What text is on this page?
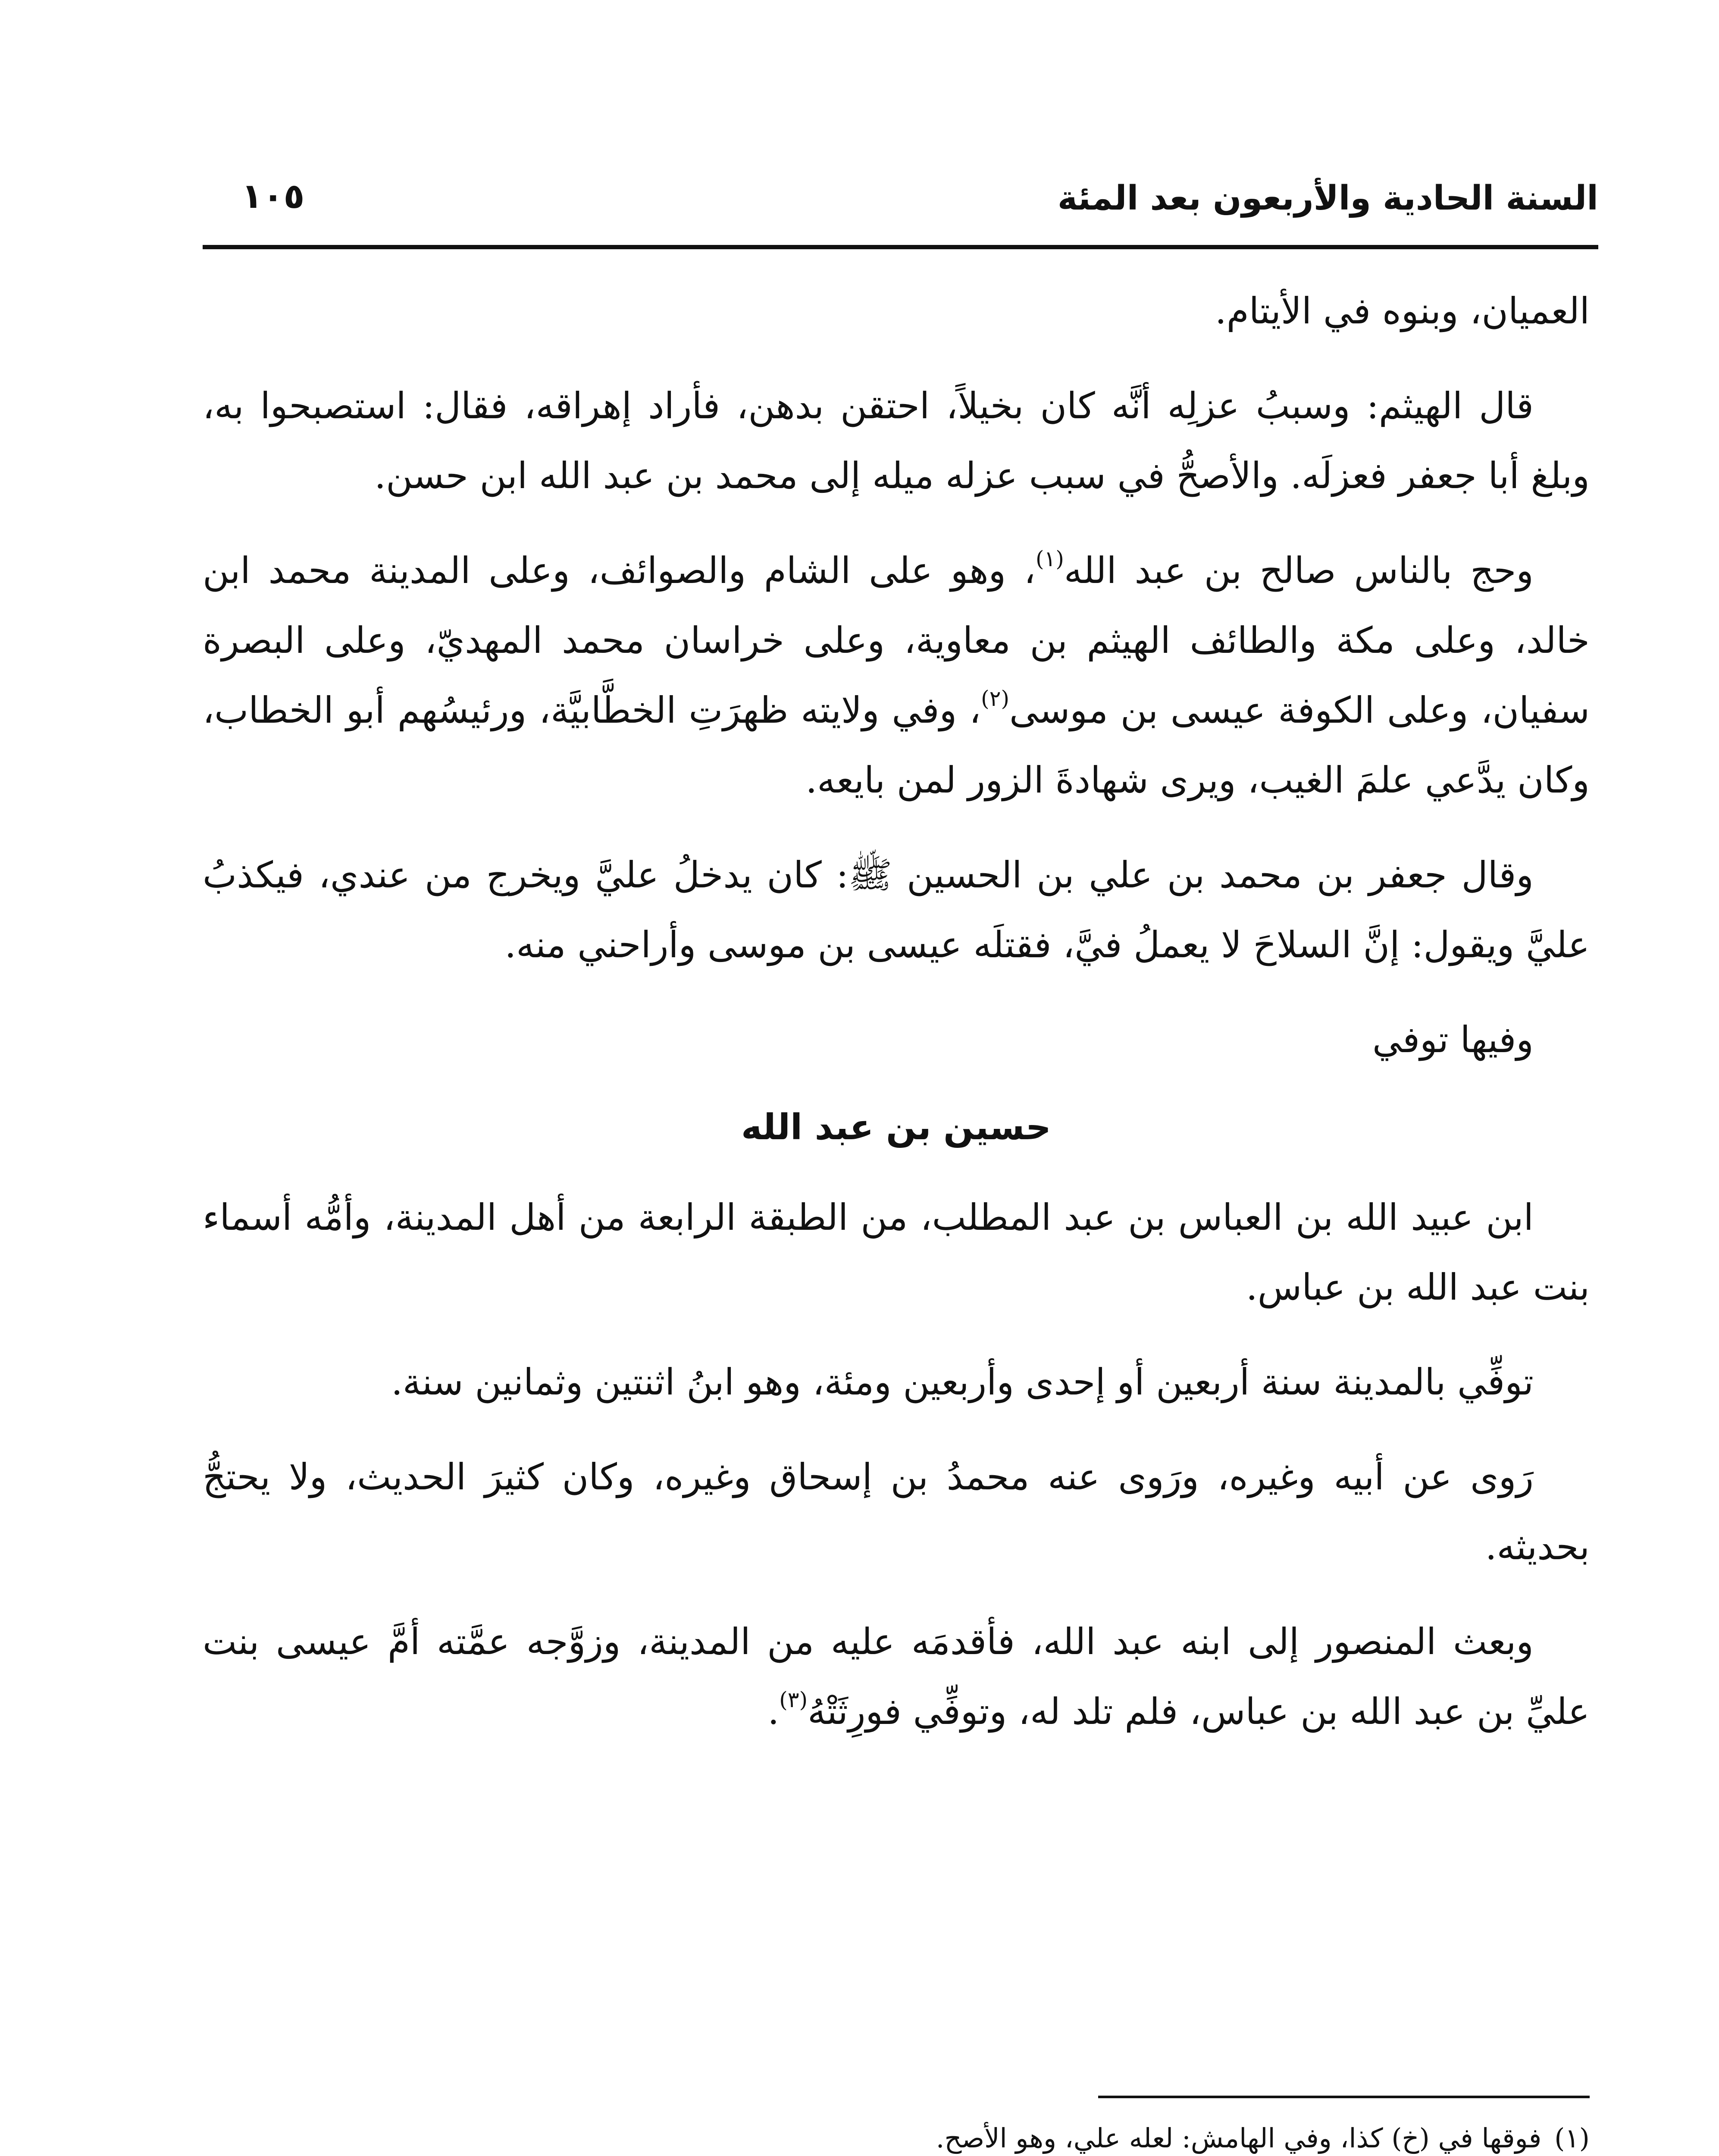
السنة الحادية والأربعون بعد المئة
١٠٥

العميان، وبنوه في الأيتام.

قال الهيثم: وسببُ عزلِه أنَّه كان بخيلاً، احتقن بدهن، فأراد إهراقه، فقال: استصبحوا به، وبلغ أبا جعفر فعزلَه. والأصحُّ في سبب عزله ميله إلى محمد بن عبد الله ابن حسن.

وحج بالناس صالح بن عبد الله$^{(١)}$، وهو على الشام والصوائف، وعلى المدينة محمد ابن خالد، وعلى مكة والطائف الهيثم بن معاوية، وعلى خراسان محمد المهديّ، وعلى البصرة سفيان، وعلى الكوفة عيسى بن موسى$^{(٢)}$، وفي ولايته ظهرَتِ الخطَّابيَّة، ورئيسُهم أبو الخطاب، وكان يدَّعي علمَ الغيب، ويرى شهادةَ الزور لمن بايعه.

وقال جعفر بن محمد بن علي بن الحسين ﷺ: كان يدخلُ عليَّ ويخرج من عندي، فيكذبُ عليَّ ويقول: إنَّ السلاحَ لا يعملُ فيَّ، فقتلَه عيسى بن موسى وأراحني منه.

وفيها توفي

حسين بن عبد الله

ابن عبيد الله بن العباس بن عبد المطلب، من الطبقة الرابعة من أهل المدينة، وأمُّه أسماء بنت عبد الله بن عباس.

توفِّي بالمدينة سنة أربعين أو إحدى وأربعين ومئة، وهو ابنُ اثنتين وثمانين سنة.

رَوى عن أبيه وغيره، ورَوى عنه محمدُ بن إسحاق وغيره، وكان كثيرَ الحديث، ولا يحتجُّ بحديثه.

وبعث المنصور إلى ابنه عبد الله، فأقدمَه عليه من المدينة، وزوَّجه عمَّته أمَّ عيسى بنت عليِّ بن عبد الله بن عباس، فلم تلد له، وتوفِّي فورِثَتْهُ$^{(٣)}$.

(١)فوقها في (خ) كذا، وفي الهامش: لعله علي، وهو الأصح.
